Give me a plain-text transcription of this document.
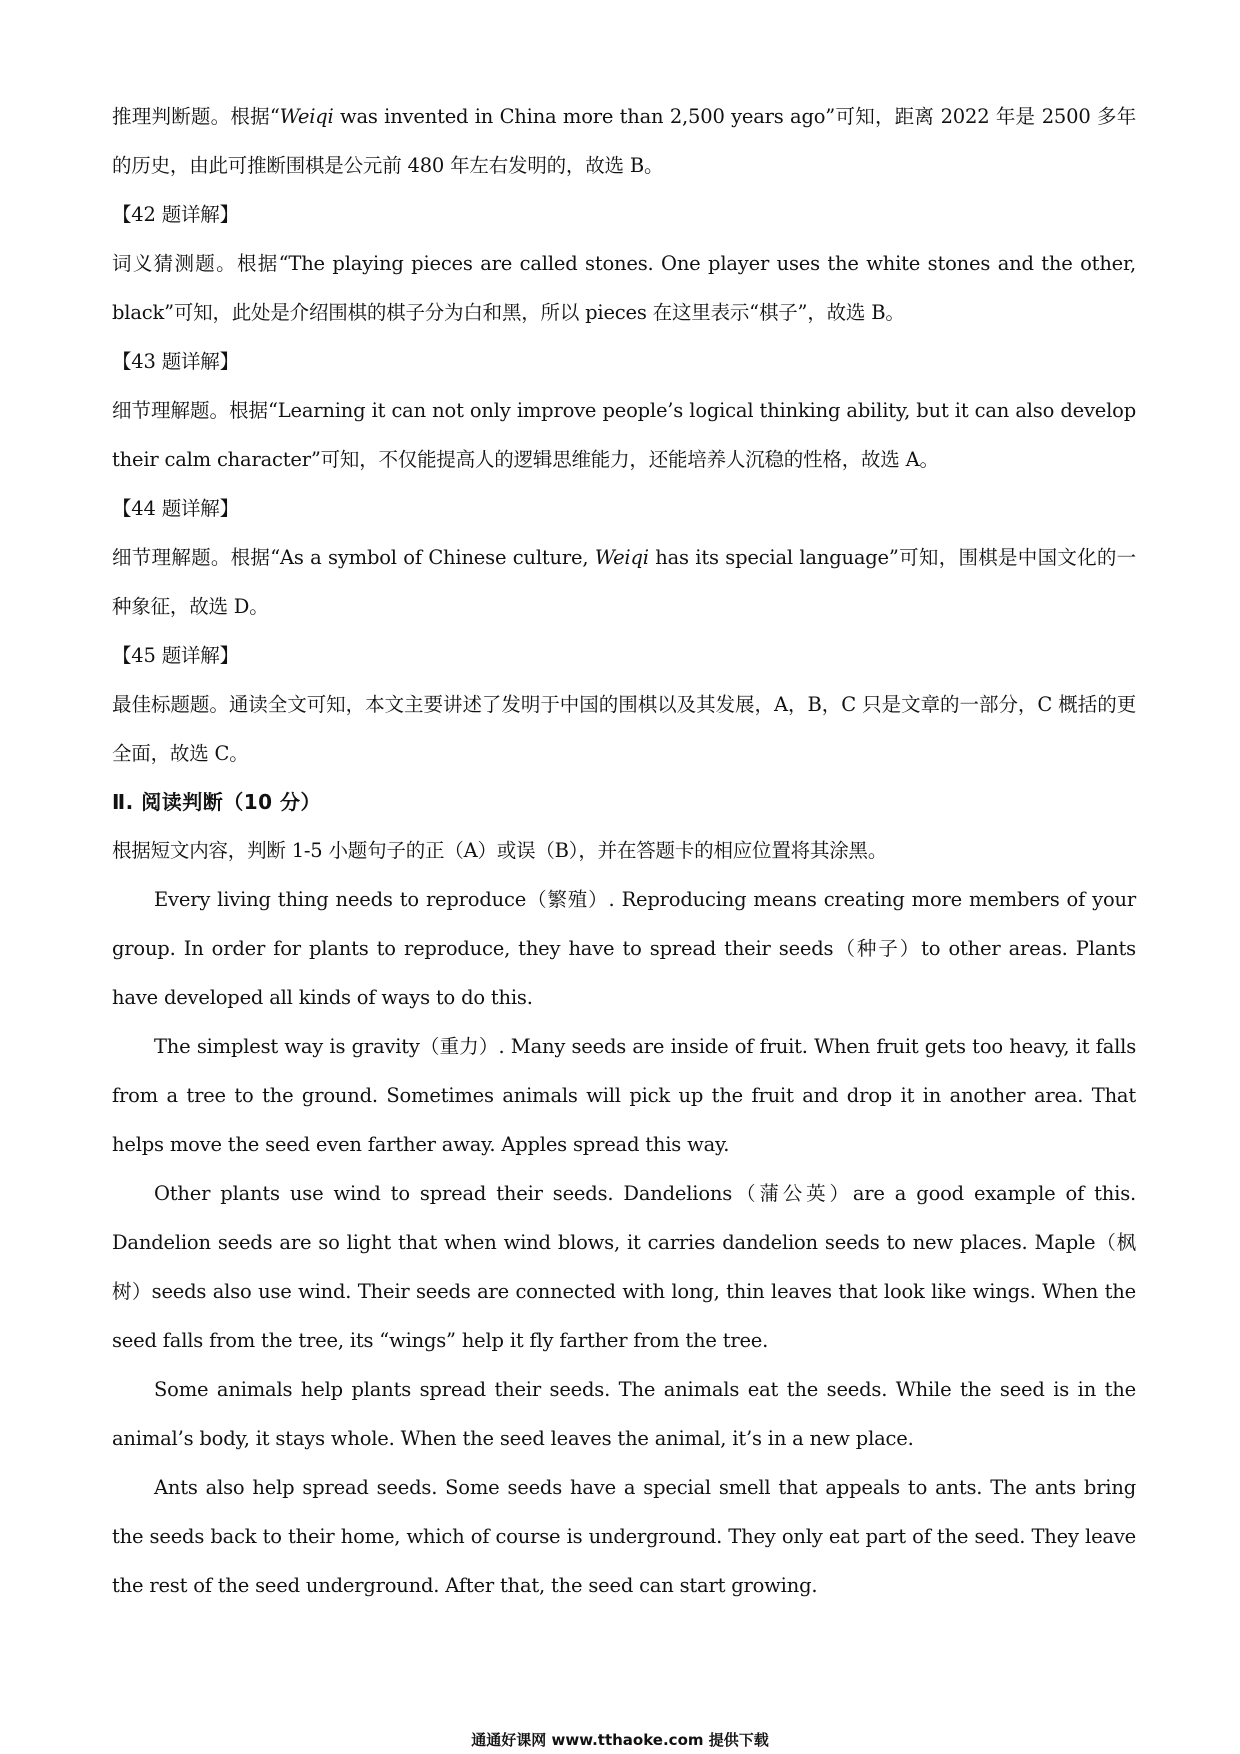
推理判断题。根据“Weiqi was invented in China more than 2,500 years ago”可知，距离 2022 年是 2500 多年的历史，由此可推断围棋是公元前 480 年左右发明的，故选 B。

【42 题详解】

词义猜测题。根据“The playing pieces are called stones. One player uses the white stones and the other, black”可知，此处是介绍围棋的棋子分为白和黑，所以 pieces 在这里表示“棋子”，故选 B。

【43 题详解】

细节理解题。根据“Learning it can not only improve people’s logical thinking ability, but it can also develop their calm character”可知，不仅能提高人的逻辑思维能力，还能培养人沉稳的性格，故选 A。

【44 题详解】

细节理解题。根据“As a symbol of Chinese culture, Weiqi has its special language”可知，围棋是中国文化的一种象征，故选 D。

【45 题详解】

最佳标题题。通读全文可知，本文主要讲述了发明于中国的围棋以及其发展，A，B，C 只是文章的一部分，C 概括的更全面，故选 C。

Ⅱ. 阅读判断（10 分）

根据短文内容，判断 1-5 小题句子的正（A）或误（B），并在答题卡的相应位置将其涂黑。

Every living thing needs to reproduce（繁殖）. Reproducing means creating more members of your group. In order for plants to reproduce, they have to spread their seeds（种子）to other areas. Plants have developed all kinds of ways to do this.

The simplest way is gravity（重力）. Many seeds are inside of fruit. When fruit gets too heavy, it falls from a tree to the ground. Sometimes animals will pick up the fruit and drop it in another area. That helps move the seed even farther away. Apples spread this way.

Other plants use wind to spread their seeds. Dandelions（蒲公英）are a good example of this. Dandelion seeds are so light that when wind blows, it carries dandelion seeds to new places. Maple（枫树）seeds also use wind. Their seeds are connected with long, thin leaves that look like wings. When the seed falls from the tree, its “wings” help it fly farther from the tree.

Some animals help plants spread their seeds. The animals eat the seeds. While the seed is in the animal’s body, it stays whole. When the seed leaves the animal, it’s in a new place.

Ants also help spread seeds. Some seeds have a special smell that appeals to ants. The ants bring the seeds back to their home, which of course is underground. They only eat part of the seed. They leave the rest of the seed underground. After that, the seed can start growing.

通通好课网 www.tthaoke.com 提供下载
